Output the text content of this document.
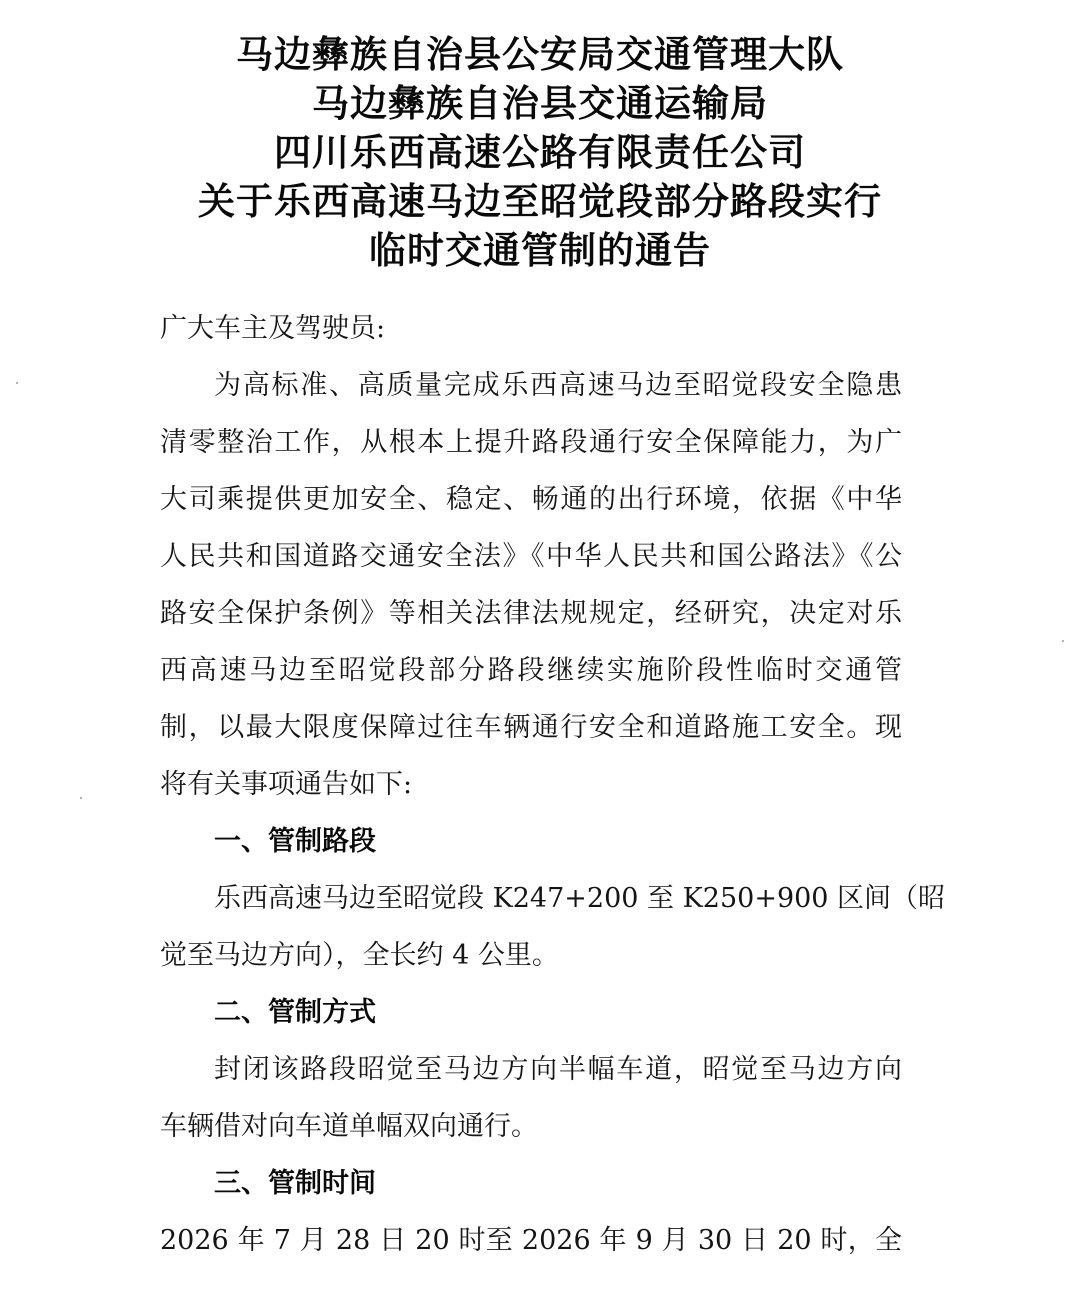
马边彝族自治县公安局交通管理大队
马边彝族自治县交通运输局
四川乐西高速公路有限责任公司
关于乐西高速马边至昭觉段部分路段实行
临时交通管制的通告
广大车主及驾驶员:
为高标准、高质量完成乐西高速马边至昭觉段安全隐患
清零整治工作，从根本上提升路段通行安全保障能力，为广
大司乘提供更加安全、稳定、畅通的出行环境，依据《中华
人民共和国道路交通安全法》《中华人民共和国公路法》《公
路安全保护条例》等相关法律法规规定，经研究，决定对乐
西高速马边至昭觉段部分路段继续实施阶段性临时交通管
制，以最大限度保障过往车辆通行安全和道路施工安全。现
将有关事项通告如下:
一、管制路段
乐西高速马边至昭觉段 K247+200 至 K250+900 区间（昭
觉至马边方向），全长约 4 公里。
二、管制方式
封闭该路段昭觉至马边方向半幅车道，昭觉至马边方向
车辆借对向车道单幅双向通行。
三、管制时间
2026 年 7 月 28 日 20 时至 2026 年 9 月 30 日 20 时，全
